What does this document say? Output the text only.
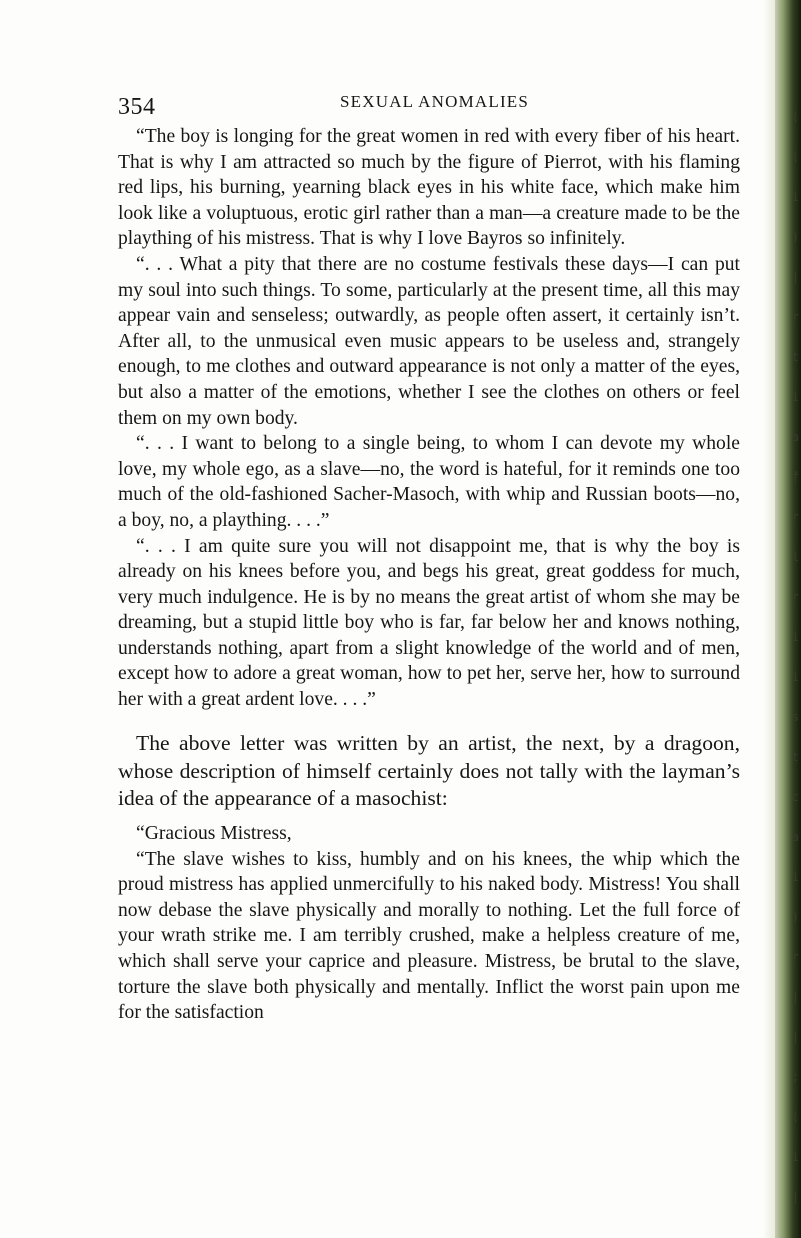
354	SEXUAL ANOMALIES

“The boy is longing for the great women in red with every fiber of his heart. That is why I am attracted so much by the figure of Pierrot, with his flaming red lips, his burning, yearning black eyes in his white face, which make him look like a voluptuous, erotic girl rather than a man—a creature made to be the plaything of his mistress. That is why I love Bayros so infinitely.

“. . . What a pity that there are no costume festivals these days—I can put my soul into such things. To some, particularly at the present time, all this may appear vain and senseless; outwardly, as people often assert, it certainly isn’t. After all, to the unmusical even music appears to be useless and, strangely enough, to me clothes and outward appearance is not only a matter of the eyes, but also a matter of the emotions, whether I see the clothes on others or feel them on my own body.

“. . . I want to belong to a single being, to whom I can devote my whole love, my whole ego, as a slave—no, the word is hateful, for it reminds one too much of the old-fashioned Sacher-Masoch, with whip and Russian boots—no, a boy, no, a plaything. . . .”

“. . . I am quite sure you will not disappoint me, that is why the boy is already on his knees before you, and begs his great, great goddess for much, very much indulgence. He is by no means the great artist of whom she may be dreaming, but a stupid little boy who is far, far below her and knows nothing, understands nothing, apart from a slight knowledge of the world and of men, except how to adore a great woman, how to pet her, serve her, how to surround her with a great ardent love. . . .”

The above letter was written by an artist, the next, by a dragoon, whose description of himself certainly does not tally with the layman’s idea of the appearance of a masochist:

“Gracious Mistress,

“The slave wishes to kiss, humbly and on his knees, the whip which the proud mistress has applied unmercifully to his naked body. Mistress! You shall now debase the slave physically and morally to nothing. Let the full force of your wrath strike me. I am terribly crushed, make a helpless creature of me, which shall serve your caprice and pleasure. Mistress, be brutal to the slave, torture the slave both physically and mentally. Inflict the worst pain upon me for the satisfaction

(
(
i
)
|
r
t
i
a
f
r
l
r
i
i
s
t
c
a
i
)
r
|
|
;
(
i
|
